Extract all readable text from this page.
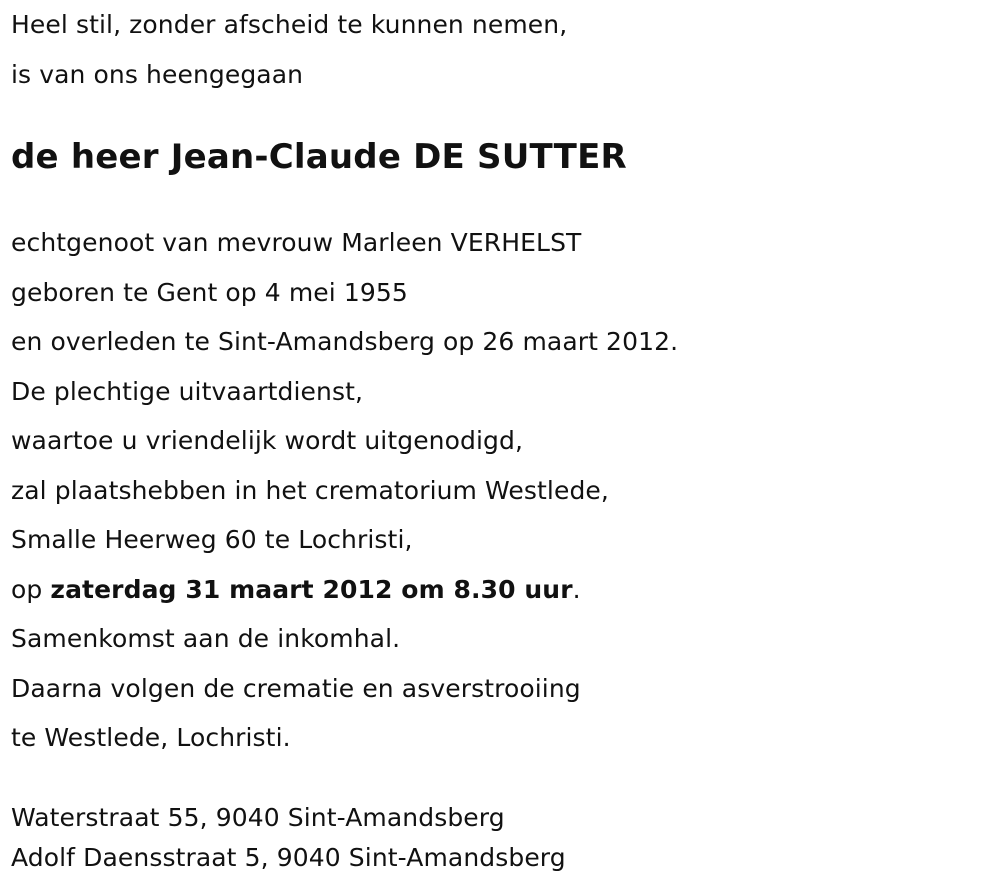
Heel stil, zonder afscheid te kunnen nemen,
is van ons heengegaan
de heer Jean-Claude DE SUTTER
echtgenoot van mevrouw Marleen VERHELST
geboren te Gent op 4 mei 1955
en overleden te Sint-Amandsberg op 26 maart 2012.
De plechtige uitvaartdienst,
waartoe u vriendelijk wordt uitgenodigd,
zal plaatshebben in het crematorium Westlede,
Smalle Heerweg 60 te Lochristi,
op zaterdag 31 maart 2012 om 8.30 uur.
Samenkomst aan de inkomhal.
Daarna volgen de crematie en asverstrooiing
te Westlede, Lochristi.
Waterstraat 55, 9040 Sint-Amandsberg
Adolf Daensstraat 5, 9040 Sint-Amandsberg
